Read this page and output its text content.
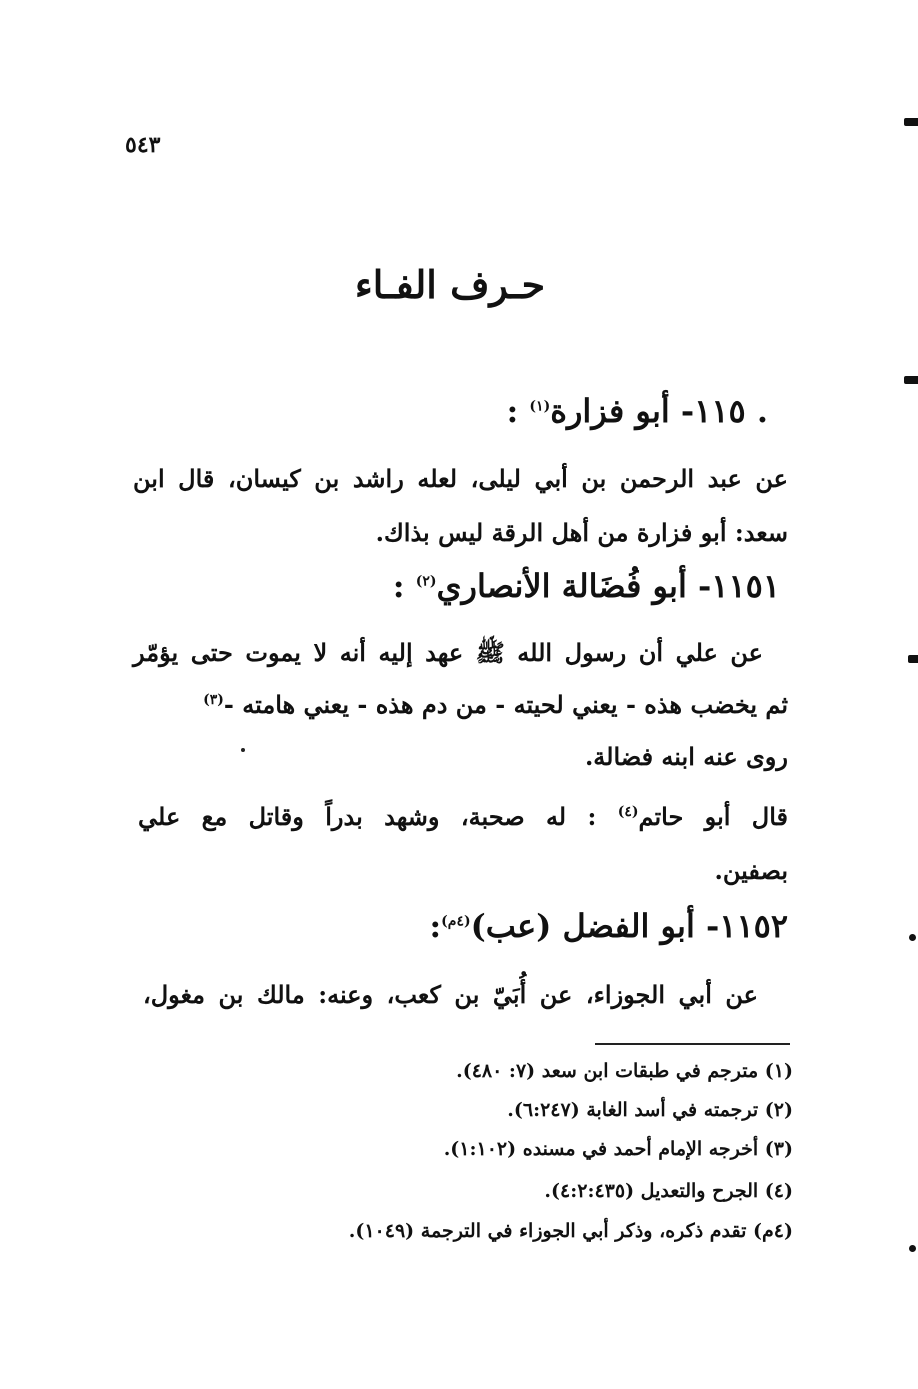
٥٤٣
حـرف الفـاء
. ١١٥- أبو فزارة$^{(١)}$ :
عن عبد الرحمن بن أبي ليلى، لعله راشد بن كيسان، قال ابن
سعد: أبو فزارة من أهل الرقة ليس بذاك.
١١٥١- أبو فُضَالة الأنصاري$^{(٢)}$ :
عن علي أن رسول الله ﷺ عهد إليه أنه لا يموت حتى يؤمّر
ثم يخضب هذه - يعني لحيته - من دم هذه - يعني هامته -$^{(٣)}$
روى عنه ابنه فضالة.
قال أبو حاتم$^{(٤)}$ : له صحبة، وشهد بدراً وقاتل مع علي
بصفين.
١١٥٢- أبو الفضل (عب)$^{(٤م)}$:
عن أبي الجوزاء، عن أُبَيّ بن كعب، وعنه: مالك بن مغول،
(١) مترجم في طبقات ابن سعد (٧: ٤٨٠).
(٢) ترجمته في أسد الغابة (٦:٢٤٧).
(٣) أخرجه الإمام أحمد في مسنده (١:١٠٢).
(٤) الجرح والتعديل (٤:٢:٤٣٥).
(٤م) تقدم ذكره، وذكر أبي الجوزاء في الترجمة (١٠٤٩).
